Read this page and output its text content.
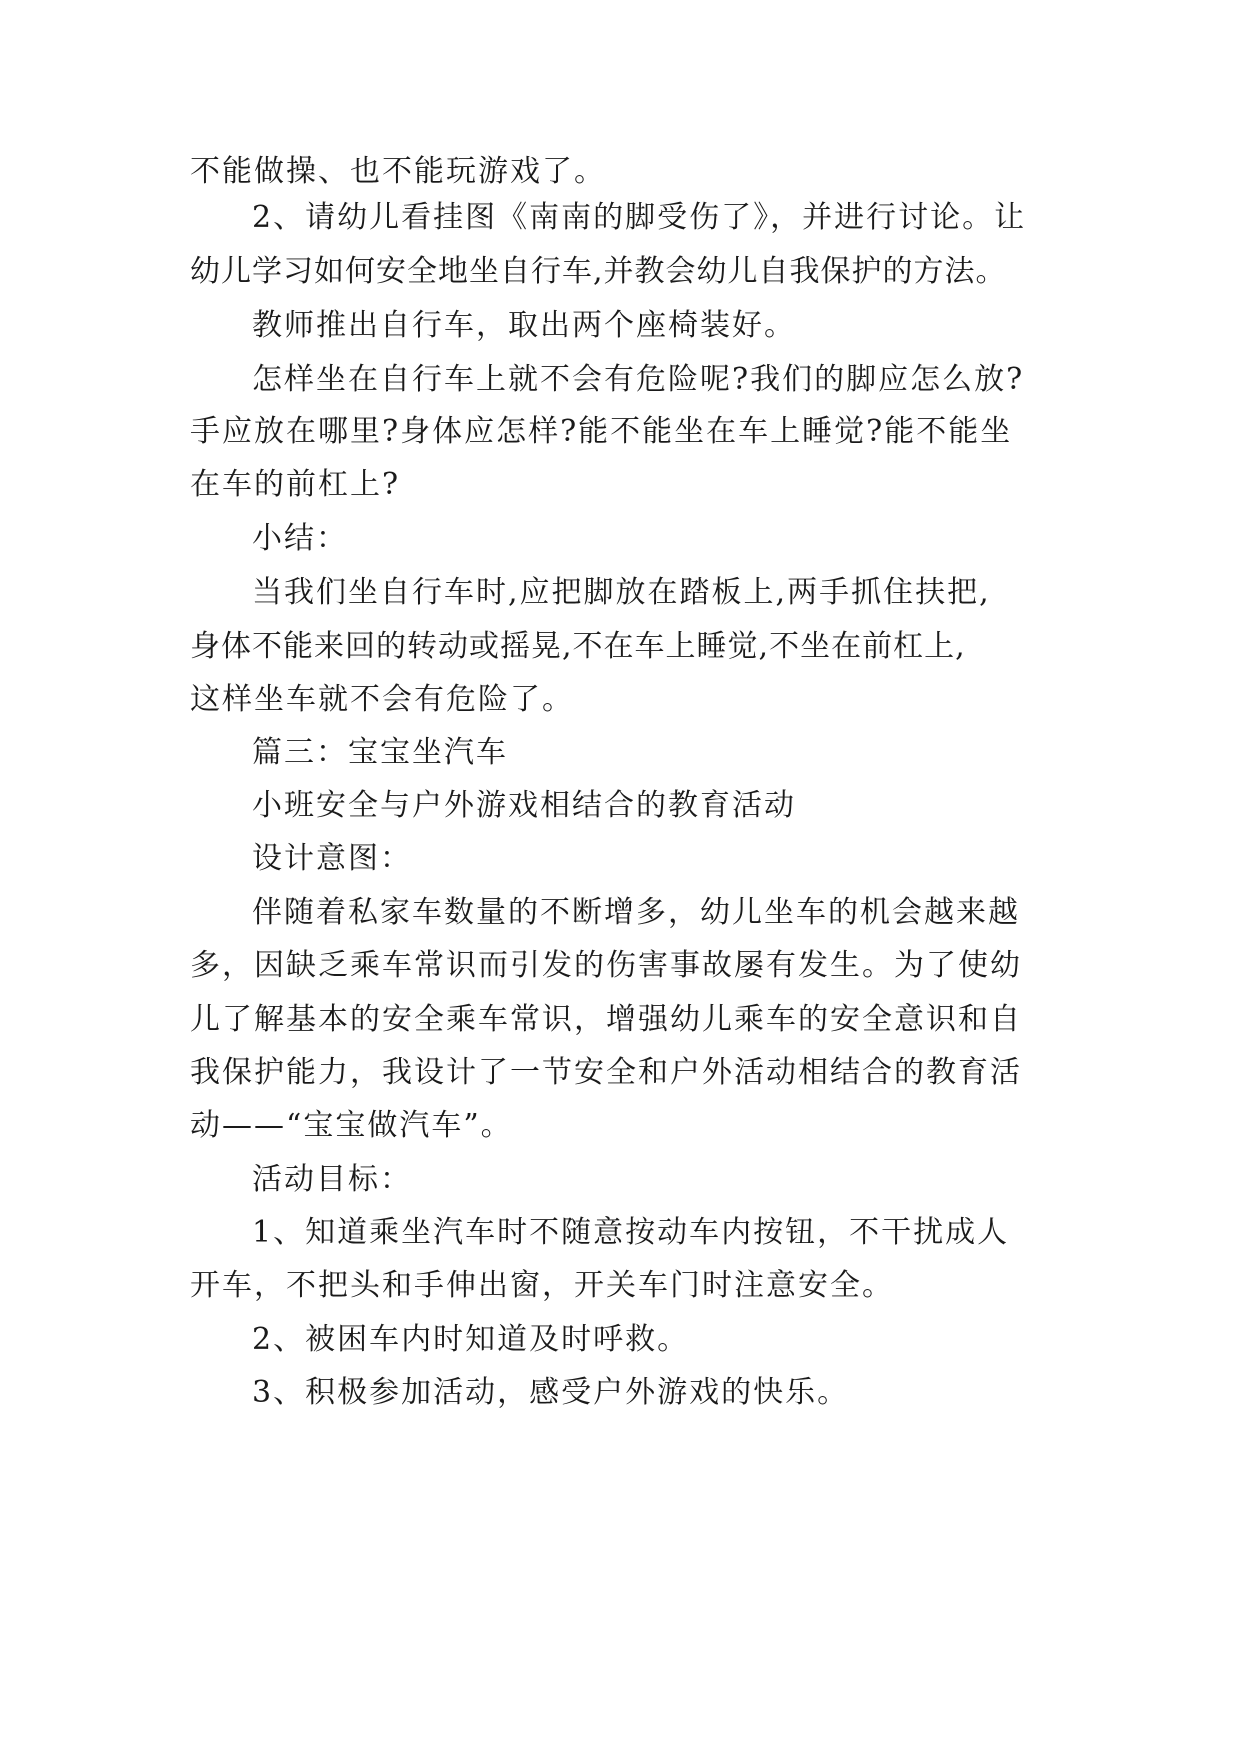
不能做操、也不能玩游戏了。
2、请幼儿看挂图《南南的脚受伤了》，并进行讨论。让
幼儿学习如何安全地坐自行车,并教会幼儿自我保护的方法。
教师推出自行车，取出两个座椅装好。
怎样坐在自行车上就不会有危险呢?我们的脚应怎么放?
手应放在哪里?身体应怎样?能不能坐在车上睡觉?能不能坐
在车的前杠上?
小结：
当我们坐自行车时,应把脚放在踏板上,两手抓住扶把,
身体不能来回的转动或摇晃,不在车上睡觉,不坐在前杠上,
这样坐车就不会有危险了。
篇三：宝宝坐汽车
小班安全与户外游戏相结合的教育活动
设计意图：
伴随着私家车数量的不断增多，幼儿坐车的机会越来越
多，因缺乏乘车常识而引发的伤害事故屡有发生。为了使幼
儿了解基本的安全乘车常识，增强幼儿乘车的安全意识和自
我保护能力，我设计了一节安全和户外活动相结合的教育活
动——“宝宝做汽车”。
活动目标：
1、知道乘坐汽车时不随意按动车内按钮，不干扰成人
开车，不把头和手伸出窗，开关车门时注意安全。
2、被困车内时知道及时呼救。
3、积极参加活动，感受户外游戏的快乐。
